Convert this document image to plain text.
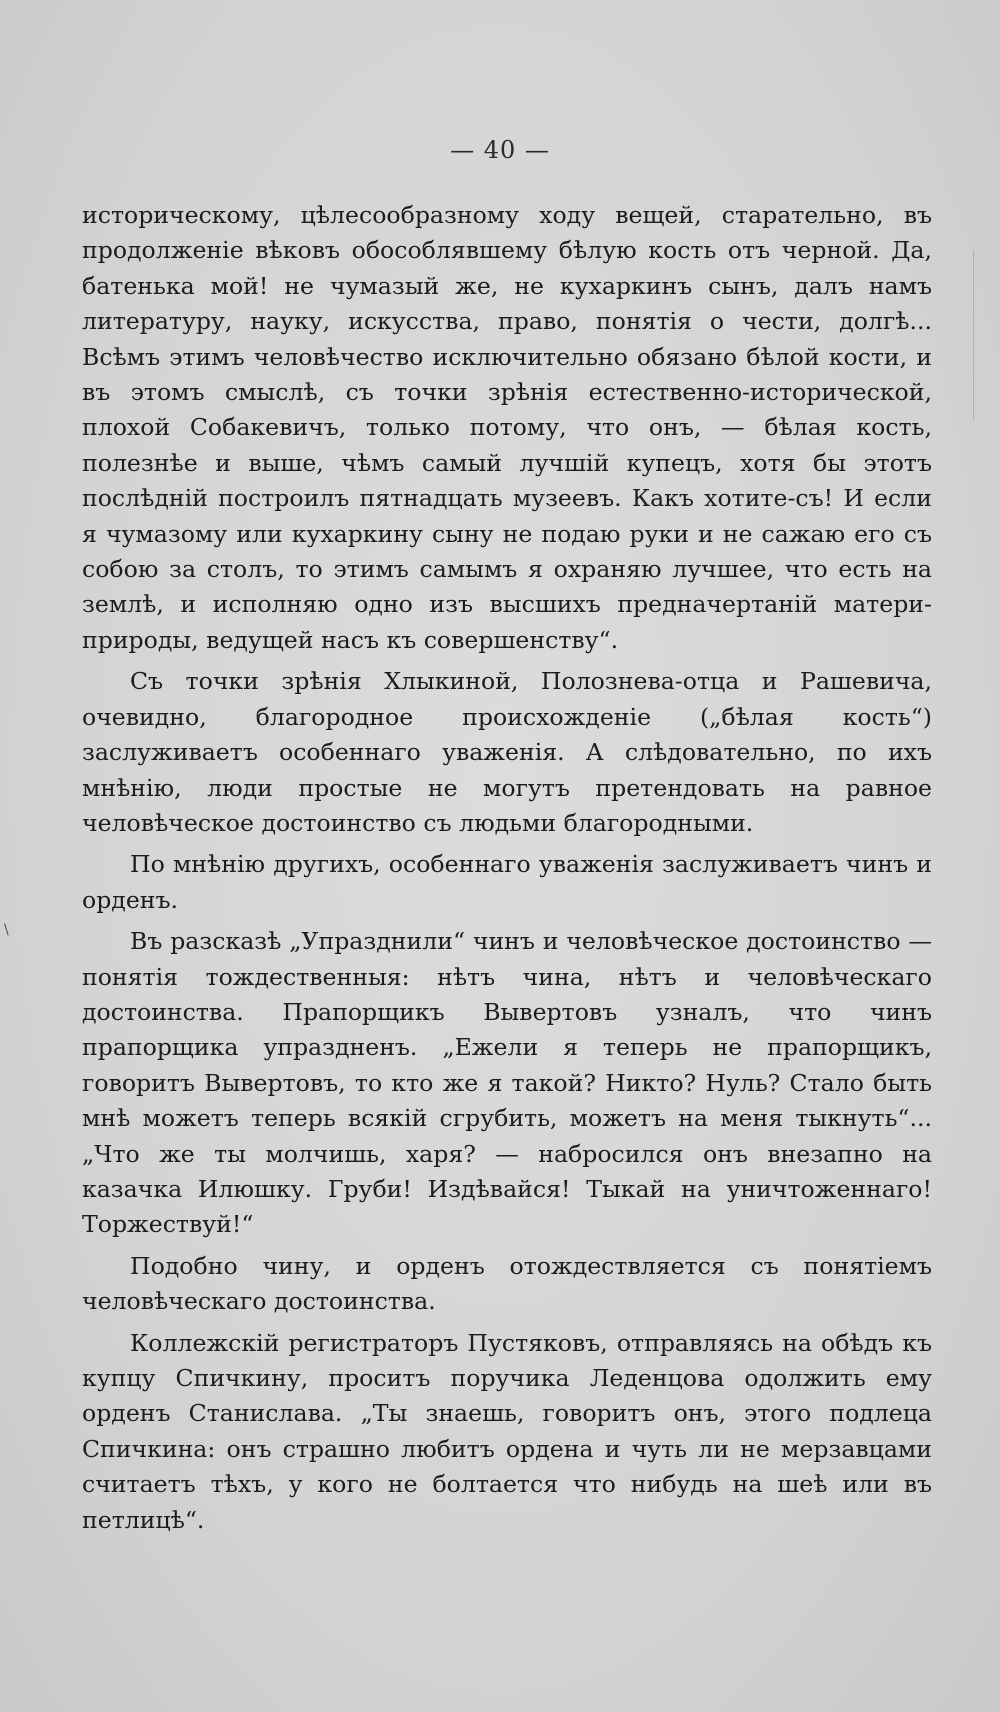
— 40 —
\

историческому, цѣлесообразному ходу вещей, старательно, въ продолженіе вѣковъ обособлявшему бѣлую кость отъ черной. Да, батенька мой! не чумазый же, не кухаркинъ сынъ, далъ намъ литературу, науку, искусства, право, понятія о чести, долгѣ... Всѣмъ этимъ человѣчество исключительно обязано бѣлой кости, и въ этомъ смыслѣ, съ точки зрѣнія естественно-исторической, плохой Собакевичъ, только потому, что онъ, — бѣлая кость, полезнѣе и выше, чѣмъ самый лучшій купецъ, хотя бы этотъ послѣдній построилъ пятнадцать музеевъ. Какъ хотите-съ! И если я чумазому или кухаркину сыну не подаю руки и не сажаю его съ собою за столъ, то этимъ самымъ я охраняю лучшее, что есть на землѣ, и исполняю одно изъ высшихъ предначертаній матери-природы, ведущей насъ къ совершенству“.

Съ точки зрѣнія Хлыкиной, Полознева-отца и Рашевича, очевидно, благородное происхожденіе („бѣлая кость“) заслуживаетъ особеннаго уваженія. А слѣдовательно, по ихъ мнѣнію, люди простые не могутъ претендовать на равное человѣческое достоинство съ людьми благородными.

По мнѣнію другихъ, особеннаго уваженія заслуживаетъ чинъ и орденъ.

Въ разсказѣ „Упразднили“ чинъ и человѣческое достоинство — понятія тождественныя: нѣтъ чина, нѣтъ и человѣческаго достоинства. Прапорщикъ Вывертовъ узналъ, что чинъ прапорщика упраздненъ. „Ежели я теперь не прапорщикъ, говоритъ Вывертовъ, то кто же я такой? Никто? Нуль? Стало быть мнѣ можетъ теперь всякій сгрубить, можетъ на меня тыкнуть“... „Что же ты молчишь, харя? — набросился онъ внезапно на казачка Илюшку. Груби! Издѣвайся! Тыкай на уничтоженнаго! Торжествуй!“

Подобно чину, и орденъ отождествляется съ понятіемъ человѣческаго достоинства.

Коллежскій регистраторъ Пустяковъ, отправляясь на обѣдъ къ купцу Спичкину, проситъ поручика Леденцова одолжить ему орденъ Станислава. „Ты знаешь, говоритъ онъ, этого подлеца Спичкина: онъ страшно любитъ ордена и чуть ли не мерзавцами считаетъ тѣхъ, у кого не болтается что нибудь на шеѣ или въ петлицѣ“.
